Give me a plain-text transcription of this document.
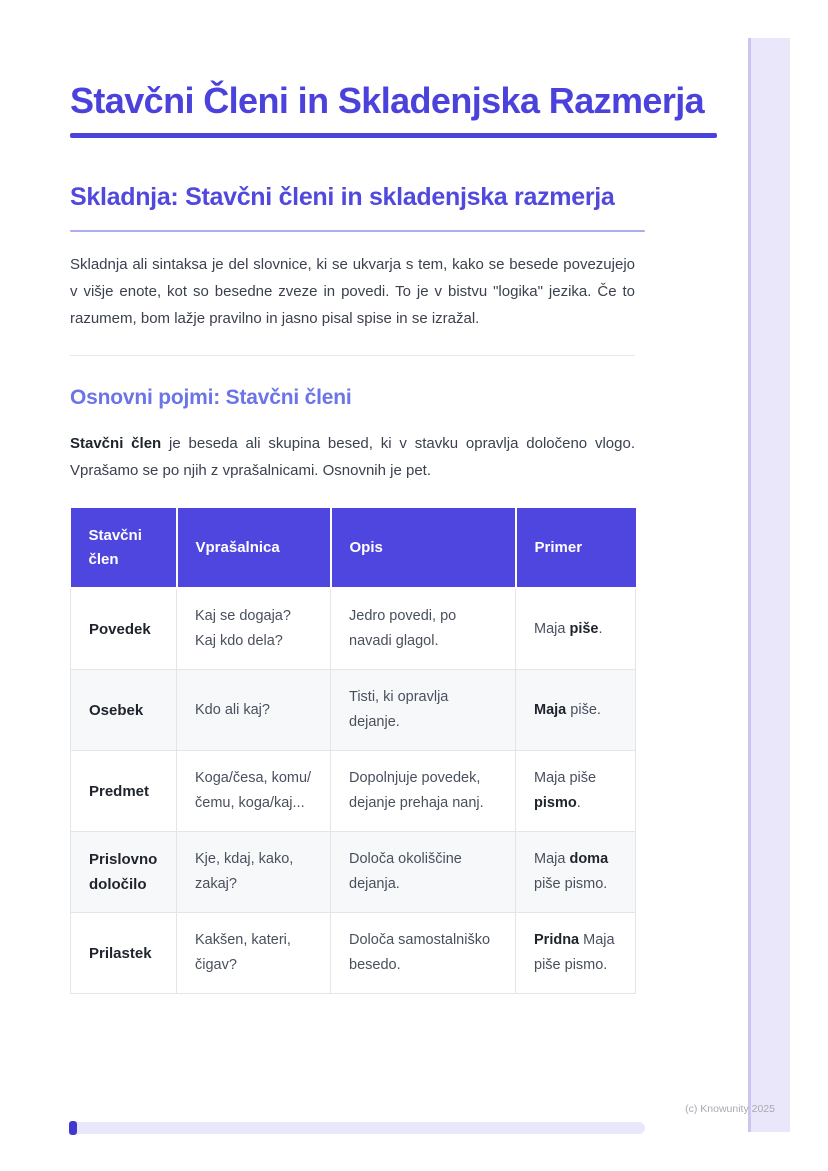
Stavčni Členi in Skladenjska Razmerja
Skladnja: Stavčni členi in skladenjska razmerja

Skladnja ali sintaksa je del slovnice, ki se ukvarja s tem, kako se besede povezujejo v višje enote, kot so besedne zveze in povedi. To je v bistvu "logika" jezika. Če to razumem, bom lažje pravilno in jasno pisal spise in se izražal.

Osnovni pojmi: Stavčni členi

Stavčni člen je beseda ali skupina besed, ki v stavku opravlja določeno vlogo. Vprašamo se po njih z vprašalnicami. Osnovnih je pet.

Stavčni člen	Vprašalnica	Opis	Primer
Povedek	Kaj se dogaja? Kaj kdo dela?	Jedro povedi, po navadi glagol.	Maja piše.
Osebek	Kdo ali kaj?	Tisti, ki opravlja dejanje.	Maja piše.
Predmet	Koga/česa, komu/čemu, koga/kaj...	Dopolnjuje povedek, dejanje prehaja nanj.	Maja piše pismo.
Prislovno določilo	Kje, kdaj, kako, zakaj?	Določa okoliščine dejanja.	Maja doma piše pismo.
Prilastek	Kakšen, kateri, čigav?	Določa samostalniško besedo.	Pridna Maja piše pismo.
(c) Knowunity 2025
